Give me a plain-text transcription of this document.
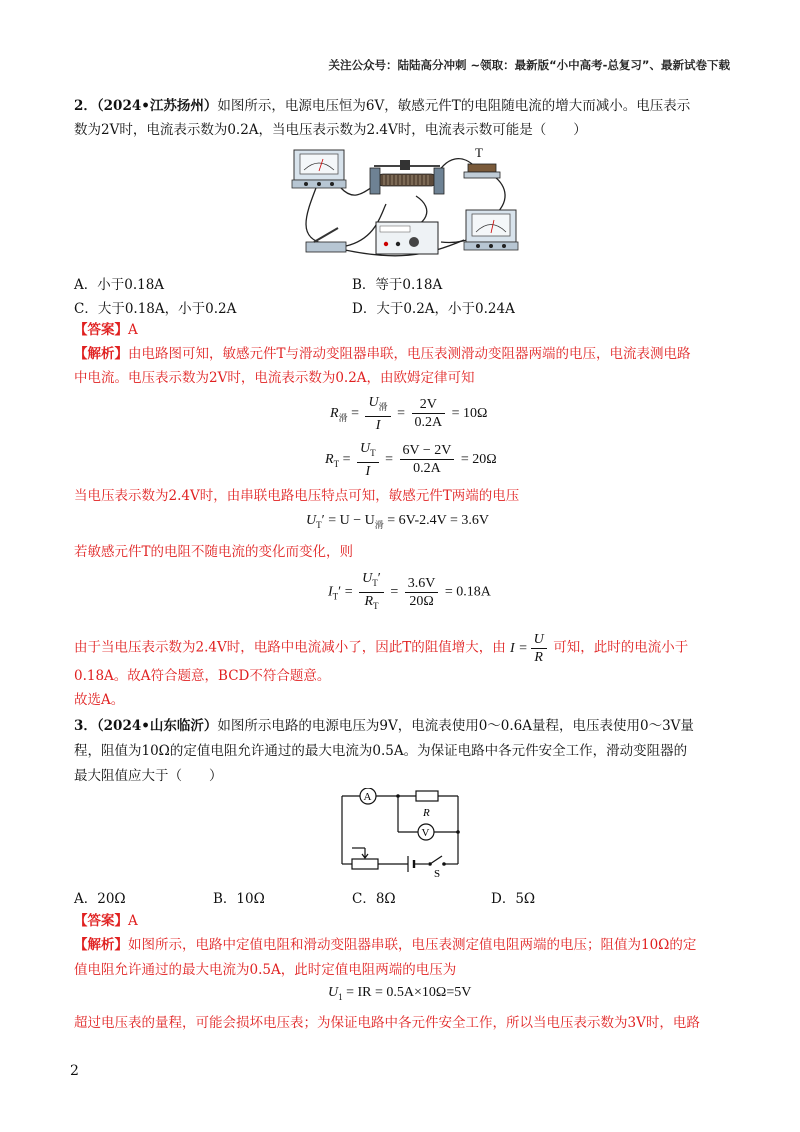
关注公众号：陆陆高分冲刺 ~领取：最新版“小中高考-总复习”、最新试卷下载
2．（2024•江苏扬州）如图所示，电源电压恒为6V，敏感元件T的电阻随电流的增大而减小。电压表示
数为2V时，电流表示数为0.2A，当电压表示数为2.4V时，电流表示数可能是（　　）
T
A．小于0.18A	B．等于0.18A
C．大于0.18A，小于0.2A	D．大于0.2A，小于0.24A
【答案】A
【解析】由电路图可知，敏感元件T与滑动变阻器串联，电压表测滑动变阻器两端的电压，电流表测电路
中电流。电压表示数为2V时，电流表示数为0.2A，由欧姆定律可知
$R_滑 = \frac{U_滑}{I} = \frac{2V}{0.2A} = 10\Omega$
$R_T = \frac{U_T}{I} = \frac{6V - 2V}{0.2A} = 20\Omega$
当电压表示数为2.4V时，由串联电路电压特点可知，敏感元件T两端的电压
$U_T' = U - U_滑 = 6V-2.4V = 3.6V$
若敏感元件T的电阻不随电流的变化而变化，则
$I_T' = \frac{U_T'}{R_T} = \frac{3.6V}{20\Omega} = 0.18A$
由于当电压表示数为2.4V时，电路中电流减小了，因此T的阻值增大，由 $I = \frac{U}{R}$ 可知，此时的电流小于
0.18A。故A符合题意，BCD不符合题意。
故选A。
3．（2024•山东临沂）如图所示电路的电源电压为9V，电流表使用0～0.6A量程，电压表使用0～3V量
程，阻值为10Ω的定值电阻允许通过的最大电流为0.5A。为保证电路中各元件安全工作，滑动变阻器的
最大阻值应大于（　　）
A
R
V
S
A．20Ω	B．10Ω	C．8Ω	D．5Ω
【答案】A
【解析】如图所示，电路中定值电阻和滑动变阻器串联，电压表测定值电阻两端的电压；阻值为10Ω的定
值电阻允许通过的最大电流为0.5A，此时定值电阻两端的电压为
$U_1$ = IR = 0.5A×10Ω=5V
超过电压表的量程，可能会损坏电压表；为保证电路中各元件安全工作，所以当电压表示数为3V时，电路
2
